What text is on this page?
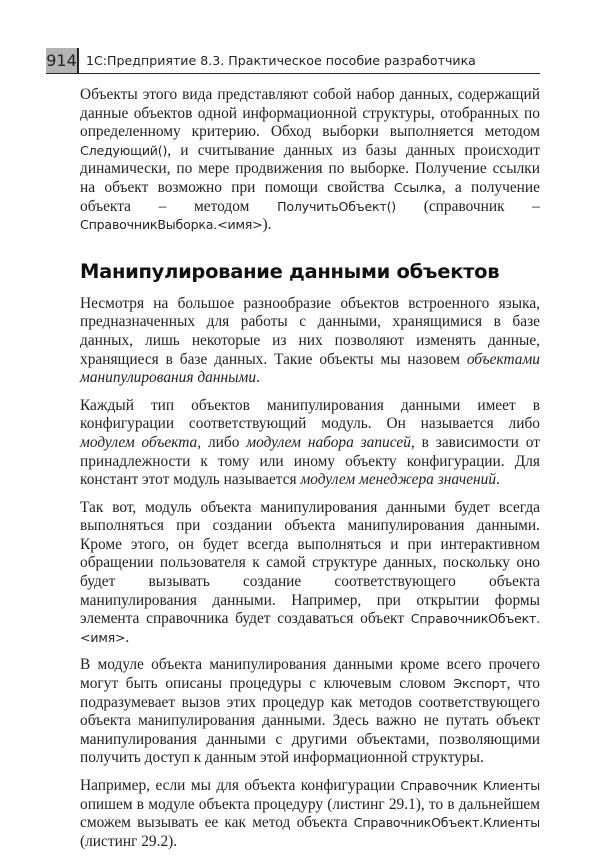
914 1С:Предприятие 8.3. Практическое пособие разработчика

Объекты этого вида представляют собой набор данных, содержащий данные объектов одной информационной структуры, отобранных по определенному критерию. Обход выборки выполняется методом Следующий(), и считывание данных из базы данных происходит динамически, по мере продвижения по выборке. Получение ссылки на объект возможно при помощи свойства Ссылка, а получение объекта – методом ПолучитьОбъект() (справочник – СправочникВыборка.<имя>).

Манипулирование данными объектов

Несмотря на большое разнообразие объектов встроенного языка, предназначенных для работы с данными, хранящимися в базе данных, лишь некоторые из них позволяют изменять данные, хранящиеся в базе данных. Такие объекты мы назовем объектами манипулирования данными.

Каждый тип объектов манипулирования данными имеет в конфигурации соответствующий модуль. Он называется либо модулем объекта, либо модулем набора записей, в зависимости от принадлежности к тому или иному объекту конфигурации. Для констант этот модуль называется модулем менеджера значений.

Так вот, модуль объекта манипулирования данными будет всегда выполняться при создании объекта манипулирования данными. Кроме этого, он будет всегда выполняться и при интерактивном обращении пользователя к самой структуре данных, поскольку оно будет вызывать создание соответствующего объекта манипулирования данными. Например, при открытии формы элемента справочника будет создаваться объект СправочникОбъект.<имя>.

В модуле объекта манипулирования данными кроме всего прочего могут быть описаны процедуры с ключевым словом Экспорт, что подразумевает вызов этих процедур как методов соответствующего объекта манипулирования данными. Здесь важно не путать объект манипулирования данными с другими объектами, позволяющими получить доступ к данным этой информационной структуры.

Например, если мы для объекта конфигурации Справочник Клиенты опишем в модуле объекта процедуру (листинг 29.1), то в дальнейшем сможем вызывать ее как метод объекта СправочникОбъект.Клиенты (листинг 29.2).
